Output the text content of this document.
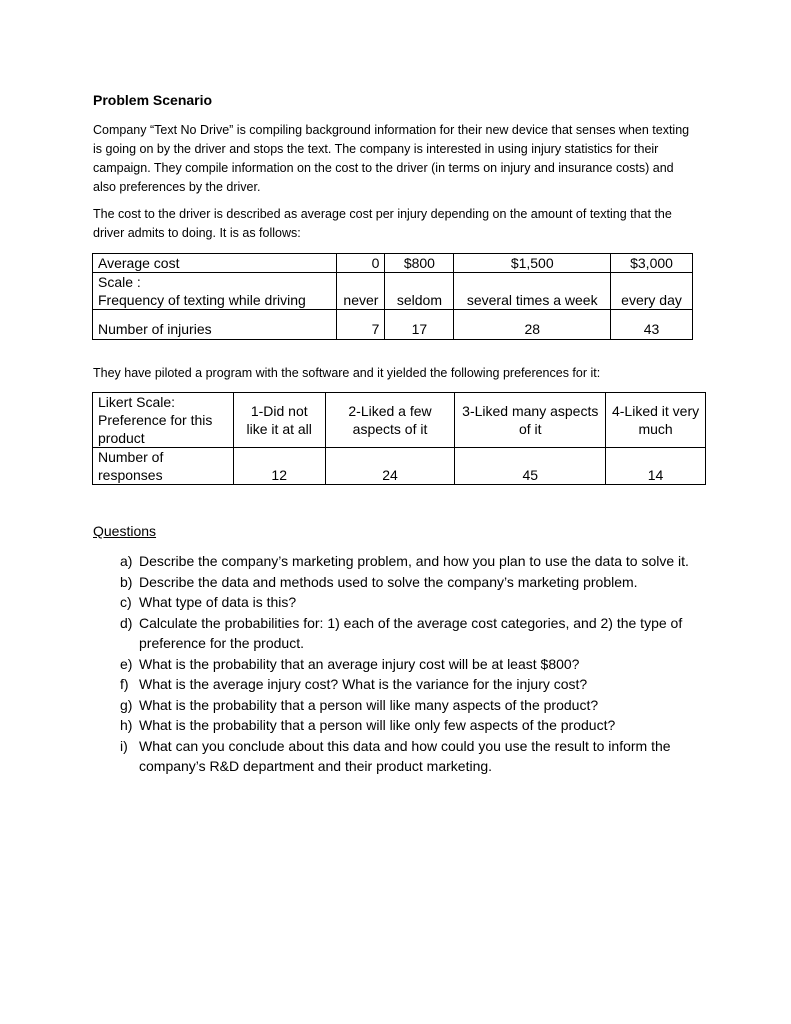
Problem Scenario

Company “Text No Drive” is compiling background information for their new device that senses when texting is going on by the driver and stops the text. The company is interested in using injury statistics for their campaign. They compile information on the cost to the driver (in terms on injury and insurance costs) and also preferences by the driver.

The cost to the driver is described as average cost per injury depending on the amount of texting that the driver admits to doing. It is as follows:

Average cost	0	$800	$1,500	$3,000
Scale :
Frequency of texting while driving	never	seldom	several times a week	every day
Number of injuries	7	17	28	43

They have piloted a program with the software and it yielded the following preferences for it:

Likert Scale: Preference for this product	1-Did not like it at all	2-Liked a few aspects of it	3-Liked many aspects of it	4-Liked it very much
Number of responses	12	24	45	14
Questions
a) Describe the company’s marketing problem, and how you plan to use the data to solve it.
b) Describe the data and methods used to solve the company’s marketing problem.
c) What type of data is this?
d) Calculate the probabilities for: 1) each of the average cost categories, and 2) the type of preference for the product.
e) What is the probability that an average injury cost will be at least $800?
f) What is the average injury cost? What is the variance for the injury cost?
g) What is the probability that a person will like many aspects of the product?
h) What is the probability that a person will like only few aspects of the product?
i) What can you conclude about this data and how could you use the result to inform the company’s R&D department and their product marketing.
